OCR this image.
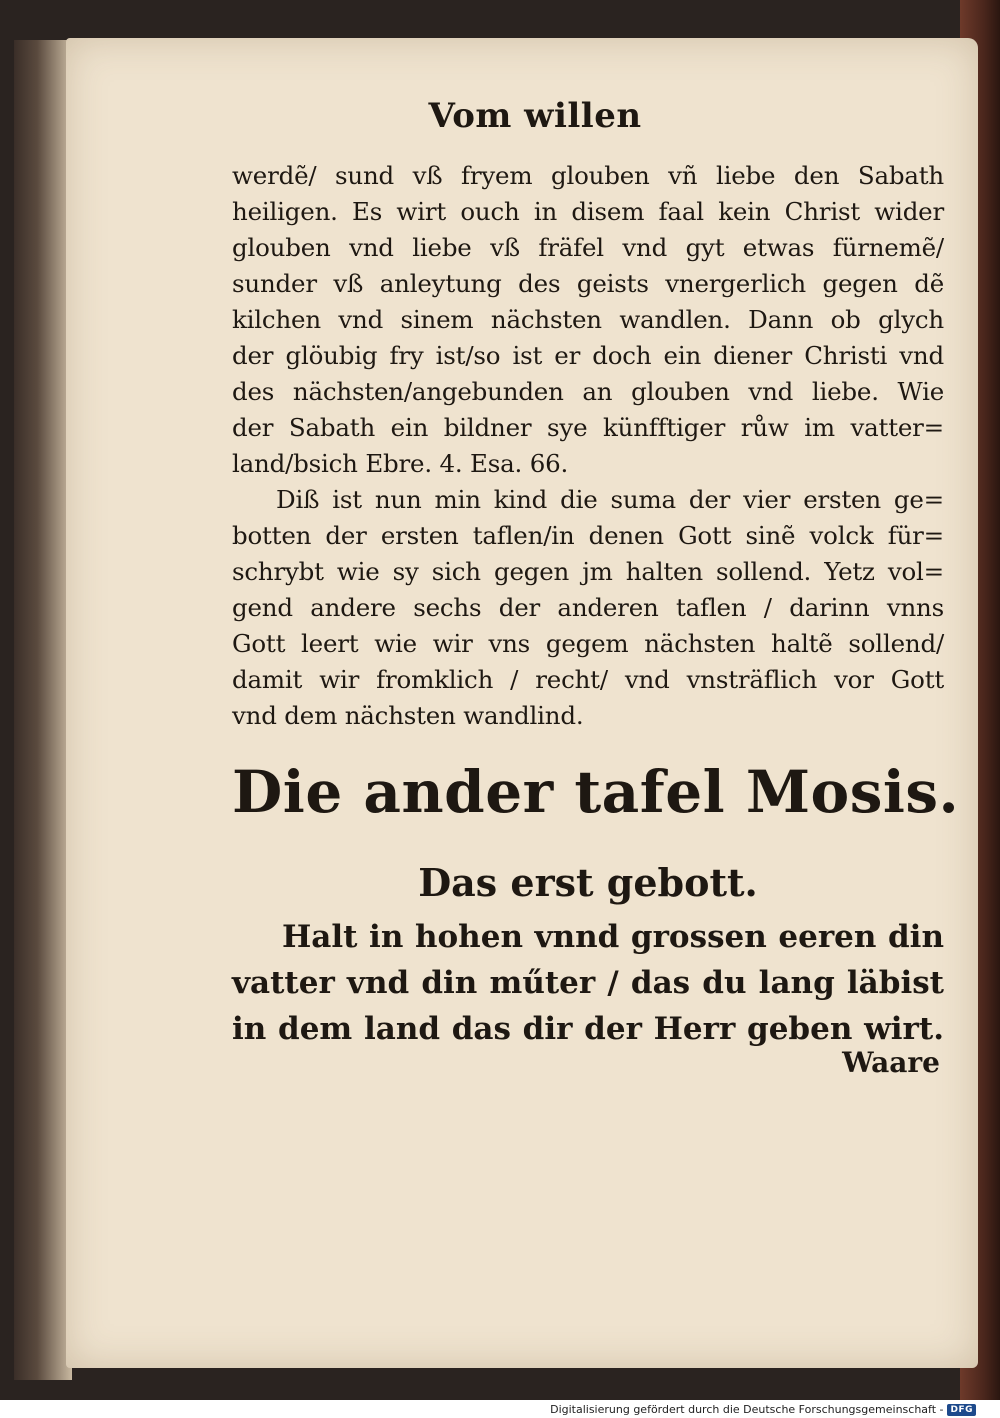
Vom willen
werdẽ/ sund vß fryem glouben vñ liebe den Sabath
heiligen. Es wirt ouch in disem faal kein Christ wider
glouben vnd liebe vß fräfel vnd gyt etwas fürnemẽ/
sunder vß anleytung des geists vnergerlich gegen dẽ
kilchen vnd sinem nächsten wandlen. Dann ob glych
der glöubig fry ist/so ist er doch ein diener Christi vnd
des nächsten/angebunden an glouben vnd liebe. Wie
der Sabath ein bildner sye künfftiger růw im vatter=
land/bsich Ebre. 4. Esa. 66.
Diß ist nun min kind die suma der vier ersten ge=
botten der ersten taflen/in denen Gott sinẽ volck für=
schrybt wie sy sich gegen jm halten sollend. Yetz vol=
gend andere sechs der anderen taflen / darinn vnns
Gott leert wie wir vns gegem nächsten haltẽ sollend/
damit wir fromklich / recht/ vnd vnsträflich vor Gott
vnd dem nächsten wandlind.
Die ander tafel Mosis.
Das erst gebott.
Halt in hohen vnnd grossen eeren din
vatter vnd din műter / das du lang läbist
in dem land das dir der Herr geben wirt.
Waare
Digitalisierung gefördert durch die Deutsche Forschungsgemeinschaft - DFG
